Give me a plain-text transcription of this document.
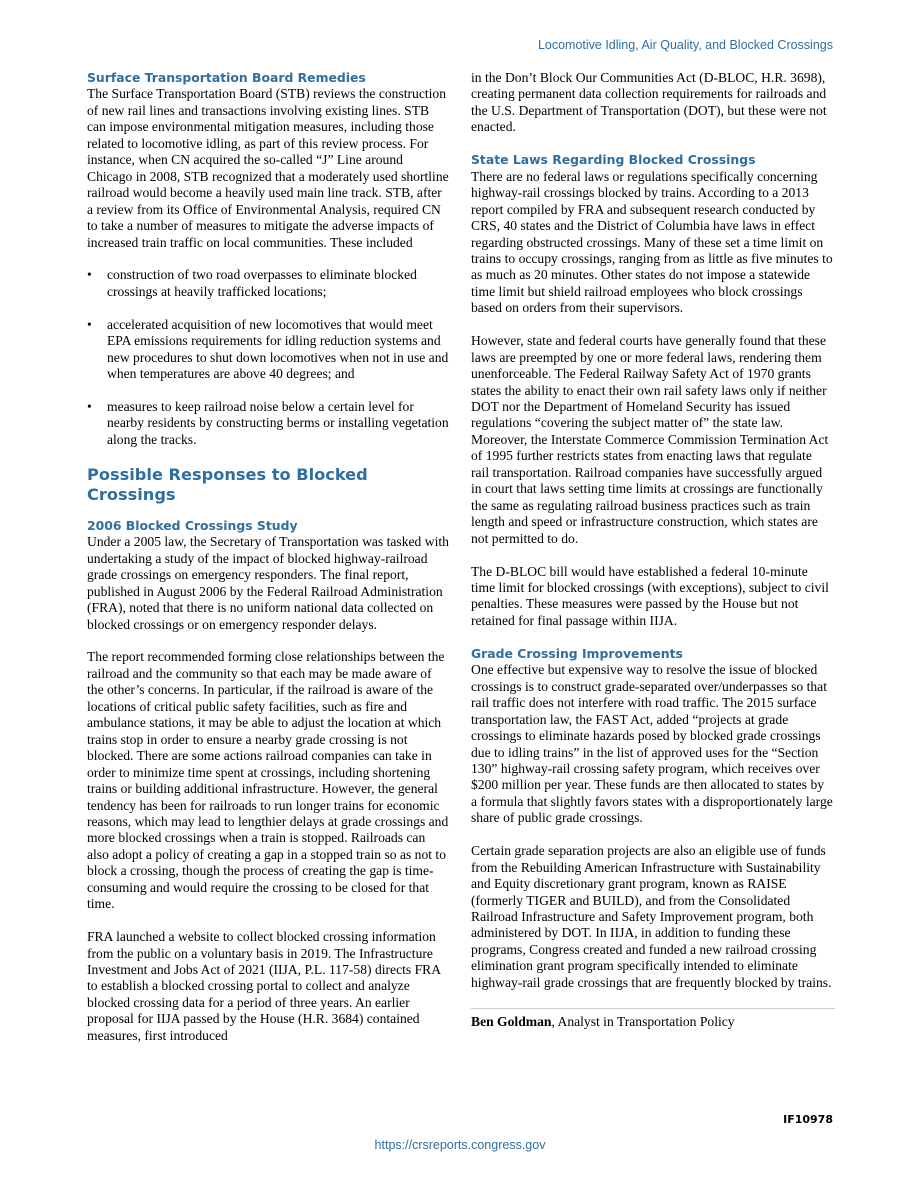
Locomotive Idling, Air Quality, and Blocked Crossings
Surface Transportation Board Remedies

The Surface Transportation Board (STB) reviews the construction of new rail lines and transactions involving existing lines. STB can impose environmental mitigation measures, including those related to locomotive idling, as part of this review process. For instance, when CN acquired the so-called “J” Line around Chicago in 2008, STB recognized that a moderately used shortline railroad would become a heavily used main line track. STB, after a review from its Office of Environmental Analysis, required CN to take a number of measures to mitigate the adverse impacts of increased train traffic on local communities. These included

• construction of two road overpasses to eliminate blocked crossings at heavily trafficked locations;
• accelerated acquisition of new locomotives that would meet EPA emissions requirements for idling reduction systems and new procedures to shut down locomotives when not in use and when temperatures are above 40 degrees; and
• measures to keep railroad noise below a certain level for nearby residents by constructing berms or installing vegetation along the tracks.
Possible Responses to Blocked Crossings
2006 Blocked Crossings Study

Under a 2005 law, the Secretary of Transportation was tasked with undertaking a study of the impact of blocked highway-railroad grade crossings on emergency responders. The final report, published in August 2006 by the Federal Railroad Administration (FRA), noted that there is no uniform national data collected on blocked crossings or on emergency responder delays.

The report recommended forming close relationships between the railroad and the community so that each may be made aware of the other’s concerns. In particular, if the railroad is aware of the locations of critical public safety facilities, such as fire and ambulance stations, it may be able to adjust the location at which trains stop in order to ensure a nearby grade crossing is not blocked. There are some actions railroad companies can take in order to minimize time spent at crossings, including shortening trains or building additional infrastructure. However, the general tendency has been for railroads to run longer trains for economic reasons, which may lead to lengthier delays at grade crossings and more blocked crossings when a train is stopped. Railroads can also adopt a policy of creating a gap in a stopped train so as not to block a crossing, though the process of creating the gap is time-consuming and would require the crossing to be closed for that time.

FRA launched a website to collect blocked crossing information from the public on a voluntary basis in 2019. The Infrastructure Investment and Jobs Act of 2021 (IIJA, P.L. 117-58) directs FRA to establish a blocked crossing portal to collect and analyze blocked crossing data for a period of three years. An earlier proposal for IIJA passed by the House (H.R. 3684) contained measures, first introduced

in the Don’t Block Our Communities Act (D-BLOC, H.R. 3698), creating permanent data collection requirements for railroads and the U.S. Department of Transportation (DOT), but these were not enacted.

State Laws Regarding Blocked Crossings

There are no federal laws or regulations specifically concerning highway-rail crossings blocked by trains. According to a 2013 report compiled by FRA and subsequent research conducted by CRS, 40 states and the District of Columbia have laws in effect regarding obstructed crossings. Many of these set a time limit on trains to occupy crossings, ranging from as little as five minutes to as much as 20 minutes. Other states do not impose a statewide time limit but shield railroad employees who block crossings based on orders from their supervisors.

However, state and federal courts have generally found that these laws are preempted by one or more federal laws, rendering them unenforceable. The Federal Railway Safety Act of 1970 grants states the ability to enact their own rail safety laws only if neither DOT nor the Department of Homeland Security has issued regulations “covering the subject matter of” the state law. Moreover, the Interstate Commerce Commission Termination Act of 1995 further restricts states from enacting laws that regulate rail transportation. Railroad companies have successfully argued in court that laws setting time limits at crossings are functionally the same as regulating railroad business practices such as train length and speed or infrastructure construction, which states are not permitted to do.

The D-BLOC bill would have established a federal 10-minute time limit for blocked crossings (with exceptions), subject to civil penalties. These measures were passed by the House but not retained for final passage within IIJA.

Grade Crossing Improvements

One effective but expensive way to resolve the issue of blocked crossings is to construct grade-separated over/underpasses so that rail traffic does not interfere with road traffic. The 2015 surface transportation law, the FAST Act, added “projects at grade crossings to eliminate hazards posed by blocked grade crossings due to idling trains” in the list of approved uses for the “Section 130” highway-rail crossing safety program, which receives over $200 million per year. These funds are then allocated to states by a formula that slightly favors states with a disproportionately large share of public grade crossings.

Certain grade separation projects are also an eligible use of funds from the Rebuilding American Infrastructure with Sustainability and Equity discretionary grant program, known as RAISE (formerly TIGER and BUILD), and from the Consolidated Railroad Infrastructure and Safety Improvement program, both administered by DOT. In IIJA, in addition to funding these programs, Congress created and funded a new railroad crossing elimination grant program specifically intended to eliminate highway-rail grade crossings that are frequently blocked by trains.

Ben Goldman, Analyst in Transportation Policy
IF10978
https://crsreports.congress.gov
